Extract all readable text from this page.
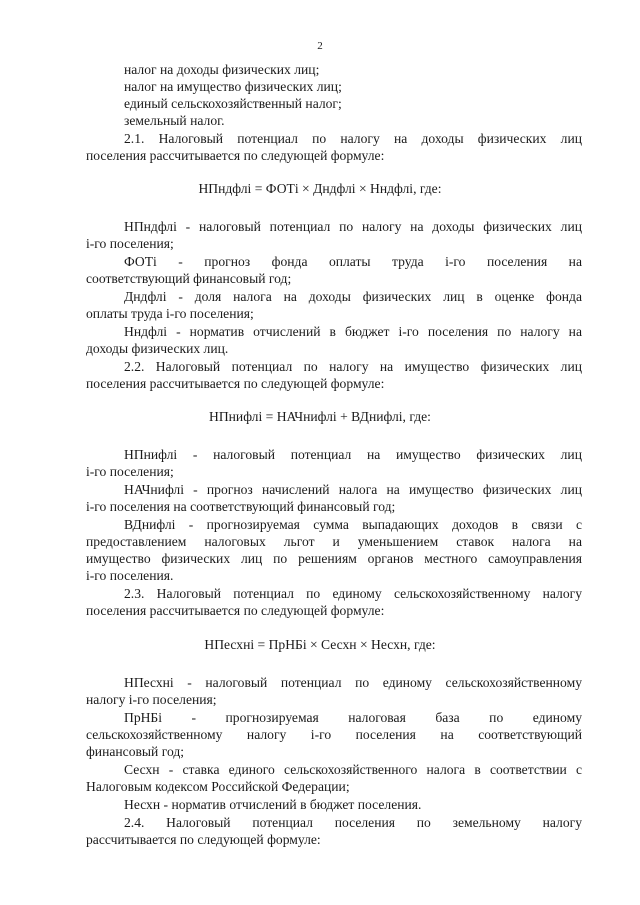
2
налог на доходы физических лиц;
налог на имущество физических лиц;
единый сельскохозяйственный налог;
земельный налог.
2.1. Налоговый потенциал по налогу на доходы физических лиц
поселения рассчитывается по следующей формуле:
НПндфлі = ФОТі × Дндфлі × Нндфлі, где:
НПндфлі - налоговый потенциал по налогу на доходы физических лиц
і-го поселения;
ФОТі - прогноз фонда оплаты труда і-го поселения на
соответствующий финансовый год;
Дндфлі - доля налога на доходы физических лиц в оценке фонда
оплаты труда і-го поселения;
Нндфлі - норматив отчислений в бюджет і-го поселения по налогу на
доходы физических лиц.
2.2. Налоговый потенциал по налогу на имущество физических лиц
поселения рассчитывается по следующей формуле:
НПнифлі = НАЧнифлі + ВДнифлі, где:
НПнифлі - налоговый потенциал на имущество физических лиц
і-го поселения;
НАЧнифлі - прогноз начислений налога на имущество физических лиц
і-го поселения на соответствующий финансовый год;
ВДнифлі - прогнозируемая сумма выпадающих доходов в связи с
предоставлением налоговых льгот и уменьшением ставок налога на
имущество физических лиц по решениям органов местного самоуправления
і-го поселения.
2.3. Налоговый потенциал по единому сельскохозяйственному налогу
поселения рассчитывается по следующей формуле:
НПесхні = ПрНБі × Сесхн × Несхн, где:
НПесхні - налоговый потенциал по единому сельскохозяйственному
налогу і-го поселения;
ПрНБі - прогнозируемая налоговая база по единому
сельскохозяйственному налогу і-го поселения на соответствующий
финансовый год;
Сесхн - ставка единого сельскохозяйственного налога в соответствии с
Налоговым кодексом Российской Федерации;
Несхн - норматив отчислений в бюджет поселения.
2.4. Налоговый потенциал поселения по земельному налогу
рассчитывается по следующей формуле:
